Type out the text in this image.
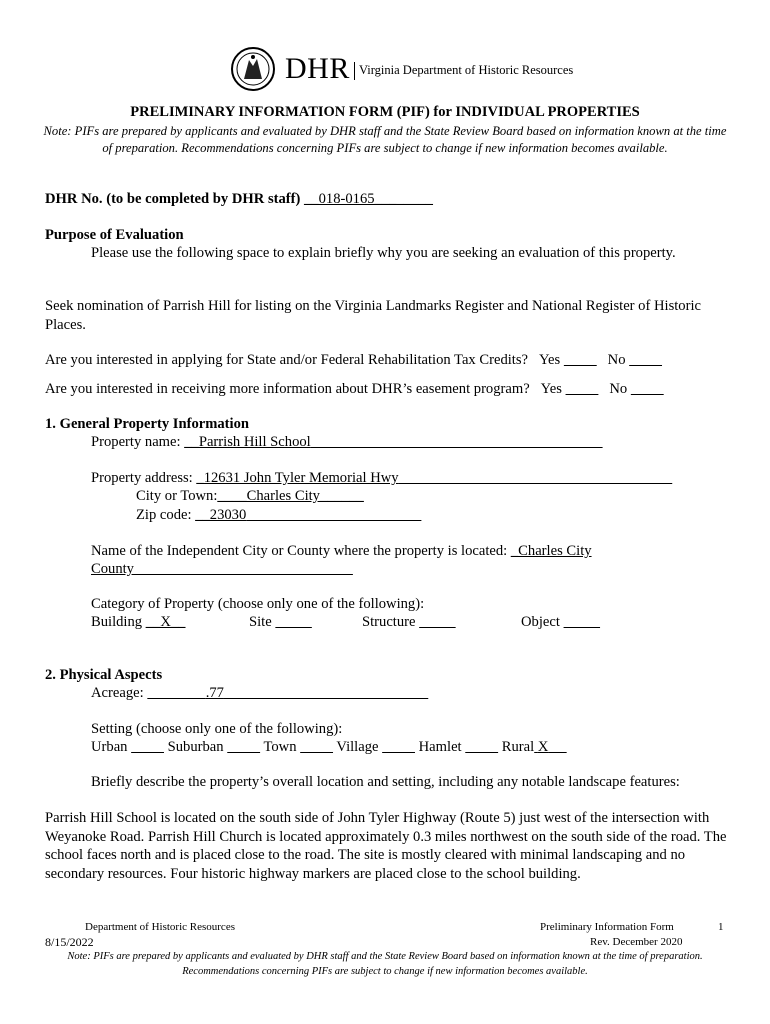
DHR Virginia Department of Historic Resources
PRELIMINARY INFORMATION FORM (PIF) for INDIVIDUAL PROPERTIES
Note: PIFs are prepared by applicants and evaluated by DHR staff and the State Review Board based on information known at the time of preparation. Recommendations concerning PIFs are subject to change if new information becomes available.
DHR No. (to be completed by DHR staff) __018-0165________
Purpose of Evaluation
Please use the following space to explain briefly why you are seeking an evaluation of this property.
Seek nomination of Parrish Hill for listing on the Virginia Landmarks Register and National Register of Historic Places.
Are you interested in applying for State and/or Federal Rehabilitation Tax Credits? Yes	No
Are you interested in receiving more information about DHR’s easement program? Yes	No
1. General Property Information
Property name: __Parrish Hill School
Property address: _12631 John Tyler Memorial Hwy
City or Town:____Charles City______
Zip code: __23030
Name of the Independent City or County where the property is located: _Charles City
County
Category of Property (choose only one of the following):
Building __X__	Site	Structure	Object
2. Physical Aspects
Acreage:	.77
Setting (choose only one of the following):
Urban	Suburban	Town	Village	Hamlet	Rural X
Briefly describe the property’s overall location and setting, including any notable landscape features:
Parrish Hill School is located on the south side of John Tyler Highway (Route 5) just west of the intersection with Weyanoke Road. Parrish Hill Church is located approximately 0.3 miles northwest on the south side of the road. The school faces north and is placed close to the road. The site is mostly cleared with minimal landscaping and no secondary resources. Four historic highway markers are placed close to the school building.
Department of Historic Resources	Preliminary Information Form	1
8/15/2022	Rev. December 2020
Note: PIFs are prepared by applicants and evaluated by DHR staff and the State Review Board based on information known at the time of preparation.
Recommendations concerning PIFs are subject to change if new information becomes available.
